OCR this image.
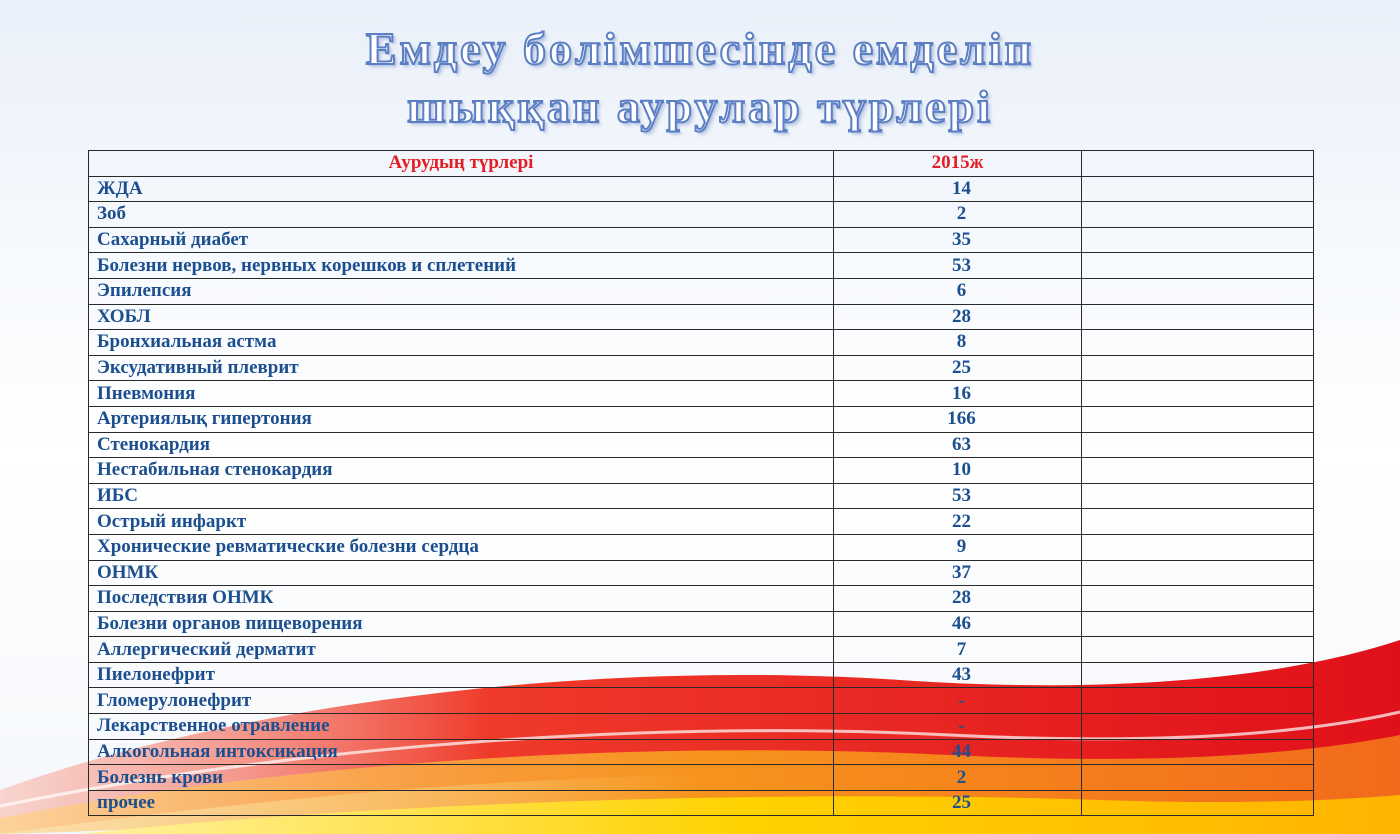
Емдеу бөлімшесінде емделіп
шыққан аурулар түрлері
Аурудың түрлері	2015ж	
ЖДА	14	
Зоб	2	
Сахарный диабет	35	
Болезни нервов, нервных корешков и сплетений	53	
Эпилепсия	6	
ХОБЛ	28	
Бронхиальная астма	8	
Эксудативный плеврит	25	
Пневмония	16	
Артериялық гипертония	166	
Стенокардия	63	
Нестабильная стенокардия	10	
ИБС	53	
Острый инфаркт	22	
Хронические ревматические болезни сердца	9	
ОНМК	37	
Последствия ОНМК	28	
Болезни органов пищеворения	46	
Аллергический дерматит	7	
Пиелонефрит	43	
Гломерулонефрит	-	
Лекарственное отравление	-	
Алкогольная интоксикация	44	
Болезнь крови	2	
прочее	25	
